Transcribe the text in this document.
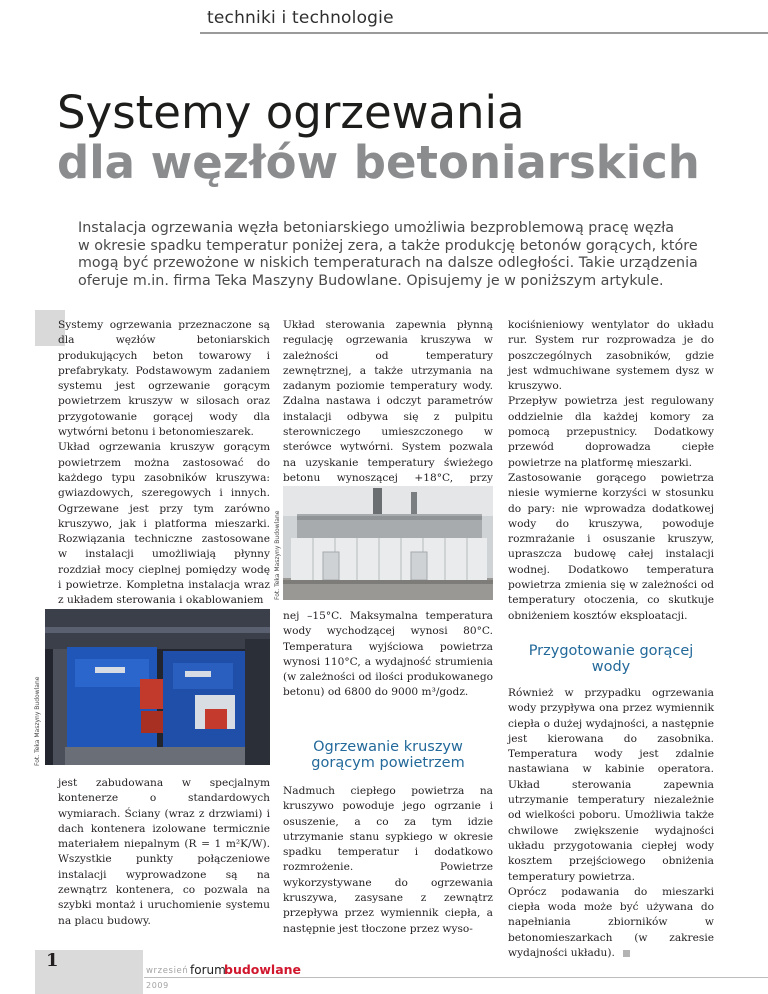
techniki i technologie
Systemy ogrzewania
dla węzłów betoniarskich
Instalacja ogrzewania węzła betoniarskiego umożliwia bezproblemową pracę węzła
w okresie spadku temperatur poniżej zera, a także produkcję betonów gorących, które
mogą być przewożone w niskich temperaturach na dalsze odległości. Takie urządzenia
oferuje m.in. firma Teka Maszyny Budowlane. Opisujemy je w poniższym artykule.

Systemy ogrzewania przeznaczone są dla węzłów betoniarskich produkujących beton towarowy i prefabrykaty. Podstawowym zadaniem systemu jest ogrzewanie gorącym powietrzem kruszyw w silosach oraz przygotowanie gorącej wody dla wytwórni betonu i betonomieszarek.

Układ ogrzewania kruszyw gorącym powietrzem można zastosować do każdego typu zasobników kruszywa: gwiazdowych, szeregowych i innych. Ogrzewane jest przy tym zarówno kruszywo, jak i platforma mieszarki. Rozwiązania techniczne zastosowane w instalacji umożliwiają płynny rozdział mocy cieplnej pomiędzy wodę i powietrze. Kompletna instalacja wraz z układem sterowania i okablowaniem

Układ sterowania zapewnia płynną regulację ogrzewania kruszywa w zależności od temperatury zewnętrznej, a także utrzymania na zadanym poziomie temperatury wody. Zdalna nastawa i odczyt parametrów instalacji odbywa się z pulpitu sterowniczego umieszczonego w sterówce wytwórni. System pozwala na uzyskanie temperatury świeżego betonu wynoszącej +18°C, przy

Fot. Teka Maszyny Budowlane

kociśnieniowy wentylator do układu rur. System rur rozprowadza je do poszczególnych zasobników, gdzie jest wdmuchiwane systemem dysz w kruszywo.

Przepływ powietrza jest regulowany oddzielnie dla każdej komory za pomocą przepustnicy. Dodatkowy przewód doprowadza ciepłe powietrze na platformę mieszarki.

Zastosowanie gorącego powietrza niesie wymierne korzyści w stosunku do pary: nie wprowadza dodatkowej wody do kruszywa, powoduje rozmrażanie i osuszanie kruszyw, upraszcza budowę całej instalacji wodnej. Dodatkowo temperatura powietrza zmienia się w zależności od temperatury otoczenia, co skutkuje obniżeniem kosztów eksploatacji.

Fot. Teka Maszyny Budowlane

nej –15°C. Maksymalna temperatura wody wychodzącej wynosi 80°C. Temperatura wyjściowa powietrza wynosi 110°C, a wydajność strumienia (w zależności od ilości produkowanego betonu) od 6800 do 9000 m³/godz.

Ogrzewanie kruszyw gorącym powietrzem

Nadmuch ciepłego powietrza na kruszywo powoduje jego ogrzanie i osuszenie, a co za tym idzie utrzymanie stanu sypkiego w okresie spadku temperatur i dodatkowo rozmrożenie. Powietrze wykorzystywane do ogrzewania kruszywa, zasysane z zewnątrz przepływa przez wymiennik ciepła, a następnie jest tłoczone przez wyso-

Przygotowanie gorącej wody

Również w przypadku ogrzewania wody przypływa ona przez wymiennik ciepła o dużej wydajności, a następnie jest kierowana do zasobnika. Temperatura wody jest zdalnie nastawiana w kabinie operatora. Układ sterowania zapewnia utrzymanie temperatury niezależnie od wielkości poboru. Umożliwia także chwilowe zwiększenie wydajności układu przygotowania ciepłej wody kosztem przejściowego obniżenia temperatury powietrza.

Oprócz podawania do mieszarki ciepła woda może być używana do napełniania zbiorników w betonomieszarkach (w zakresie wydajności układu).

jest zabudowana w specjalnym kontenerze o standardowych wymiarach. Ściany (wraz z drzwiami) i dach kontenera izolowane termicznie materiałem niepalnym (R = 1 m²K/W). Wszystkie punkty połączeniowe instalacji wyprowadzone są na zewnątrz kontenera, co pozwala na szybki montaż i uruchomienie systemu na placu budowy.

1	wrzesień
2009
forum
budowlane
